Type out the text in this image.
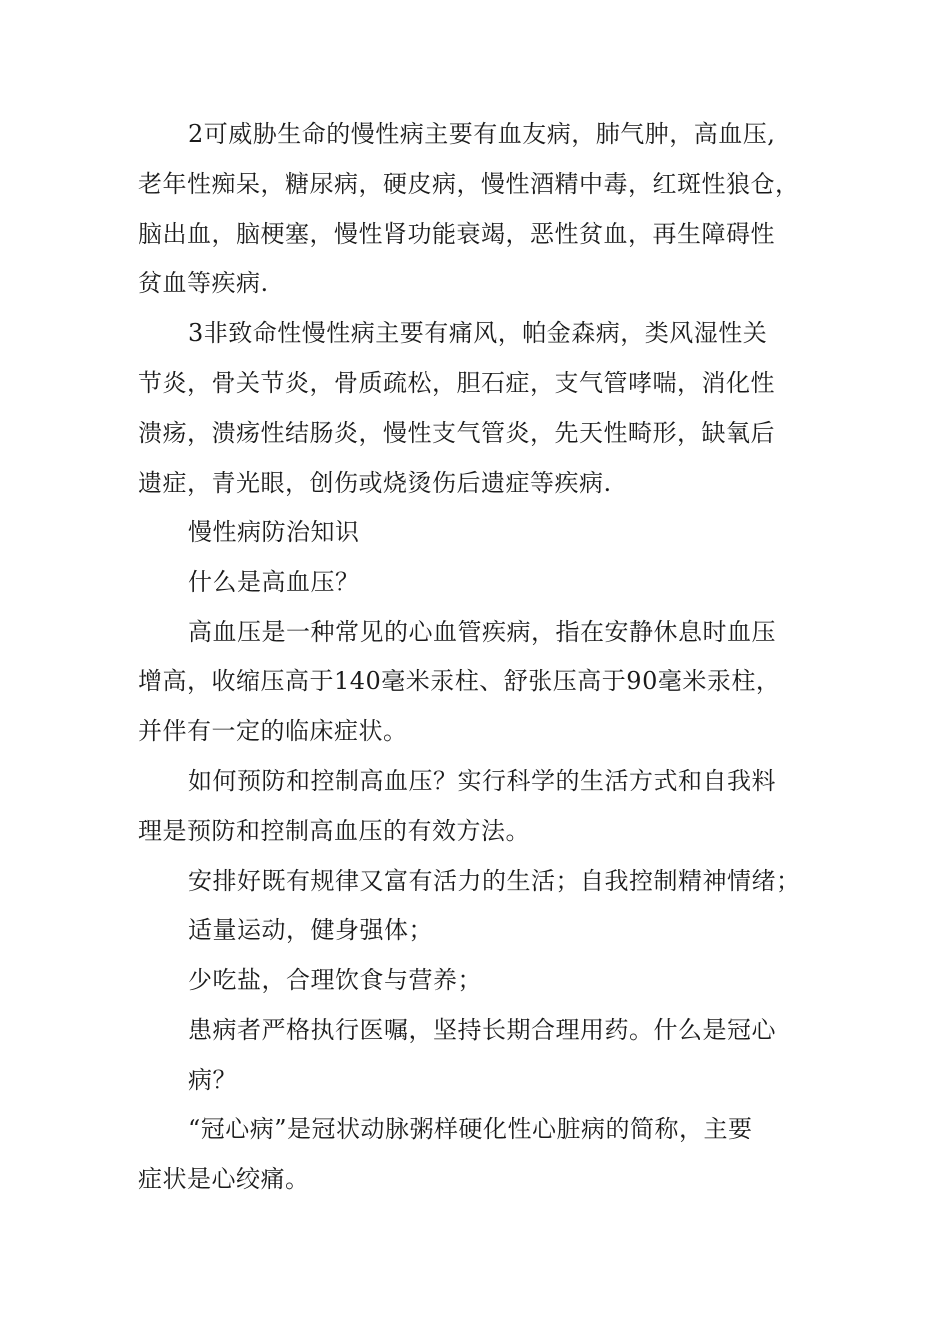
2可威胁生命的慢性病主要有血友病，肺气肿，高血压,
老年性痴呆，糖尿病，硬皮病，慢性酒精中毒，红斑性狼仓，
脑出血，脑梗塞，慢性肾功能衰竭，恶性贫血，再生障碍性
贫血等疾病.
3非致命性慢性病主要有痛风，帕金森病，类风湿性关
节炎，骨关节炎，骨质疏松，胆石症，支气管哮喘，消化性
溃疡，溃疡性结肠炎，慢性支气管炎，先天性畸形，缺氧后
遗症，青光眼，创伤或烧烫伤后遗症等疾病.
慢性病防治知识
什么是高血压？
高血压是一种常见的心血管疾病，指在安静休息时血压
增高，收缩压高于140毫米汞柱、舒张压高于90毫米汞柱，
并伴有一定的临床症状。
如何预防和控制高血压？实行科学的生活方式和自我料
理是预防和控制高血压的有效方法。
安排好既有规律又富有活力的生活；自我控制精神情绪；
适量运动，健身强体；
少吃盐，合理饮食与营养；
患病者严格执行医嘱，坚持长期合理用药。什么是冠心
病？
“冠心病”是冠状动脉粥样硬化性心脏病的简称，主要
症状是心绞痛。
